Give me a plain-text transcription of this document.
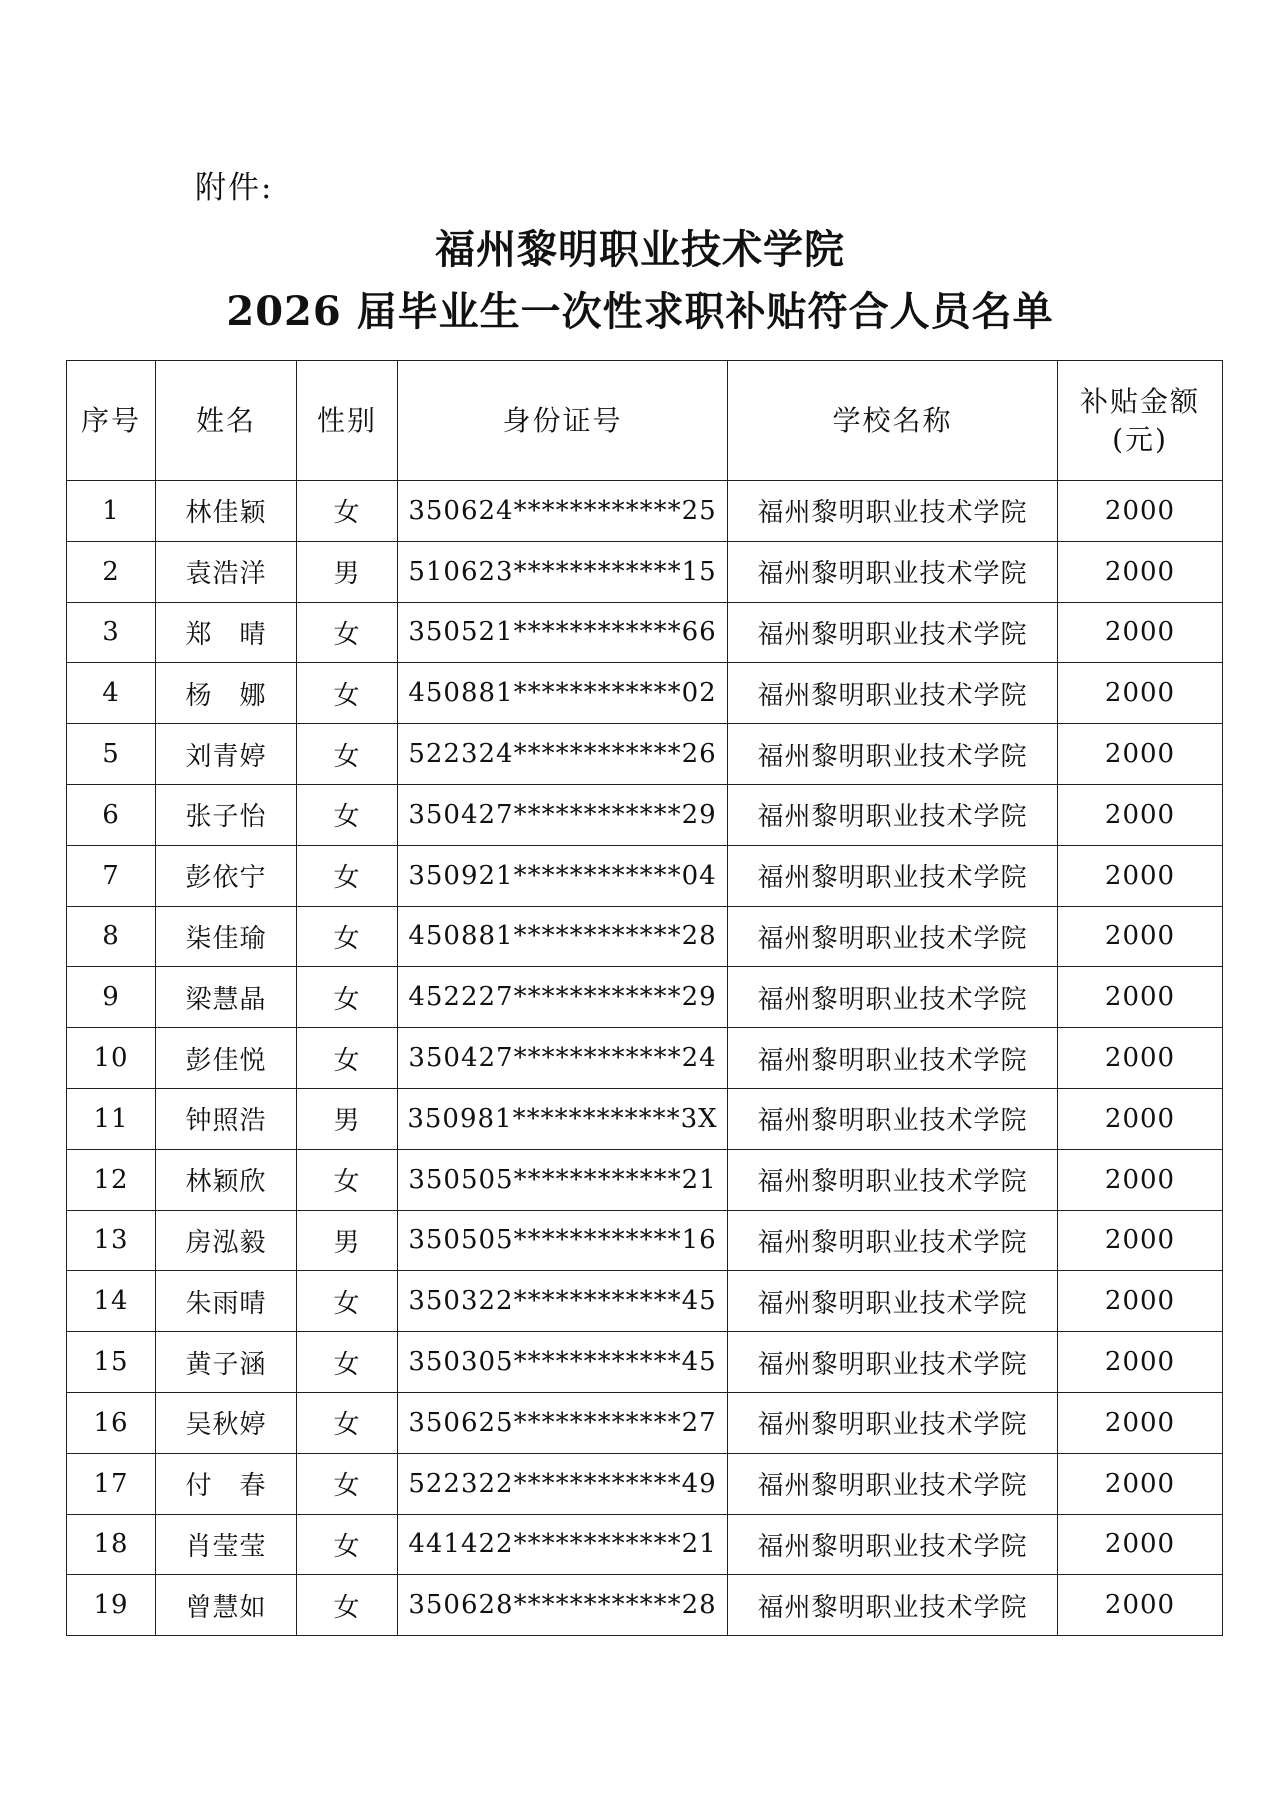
附件:
福州黎明职业技术学院
2026 届毕业生一次性求职补贴符合人员名单
序号	姓名	性别	身份证号	学校名称	补贴金额
(元)

1	林佳颖	女	350624************25	福州黎明职业技术学院	2000
2	袁浩洋	男	510623************15	福州黎明职业技术学院	2000
3	郑　晴	女	350521************66	福州黎明职业技术学院	2000
4	杨　娜	女	450881************02	福州黎明职业技术学院	2000
5	刘青婷	女	522324************26	福州黎明职业技术学院	2000
6	张子怡	女	350427************29	福州黎明职业技术学院	2000
7	彭依宁	女	350921************04	福州黎明职业技术学院	2000
8	柒佳瑜	女	450881************28	福州黎明职业技术学院	2000
9	梁慧晶	女	452227************29	福州黎明职业技术学院	2000
10	彭佳悦	女	350427************24	福州黎明职业技术学院	2000
11	钟照浩	男	350981************3X	福州黎明职业技术学院	2000
12	林颖欣	女	350505************21	福州黎明职业技术学院	2000
13	房泓毅	男	350505************16	福州黎明职业技术学院	2000
14	朱雨晴	女	350322************45	福州黎明职业技术学院	2000
15	黄子涵	女	350305************45	福州黎明职业技术学院	2000
16	吴秋婷	女	350625************27	福州黎明职业技术学院	2000
17	付　春	女	522322************49	福州黎明职业技术学院	2000
18	肖莹莹	女	441422************21	福州黎明职业技术学院	2000
19	曾慧如	女	350628************28	福州黎明职业技术学院	2000
